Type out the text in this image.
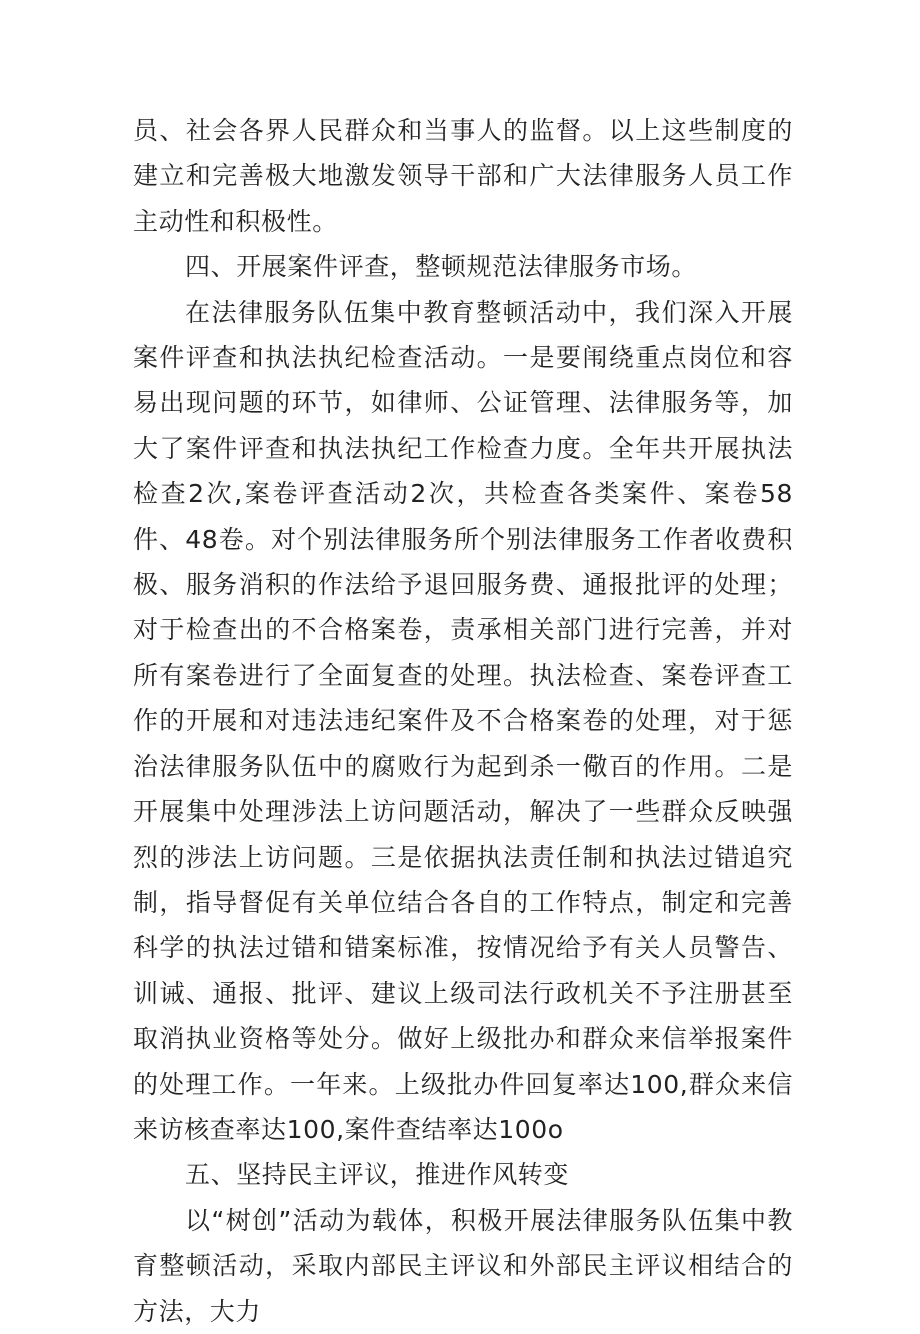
员、社会各界人民群众和当事人的监督。以上这些制度的建立和完善极大地激发领导干部和广大法律服务人员工作主动性和积极性。

四、开展案件评查，整顿规范法律服务市场。

在法律服务队伍集中教育整顿活动中，我们深入开展案件评查和执法执纪检查活动。一是要闱绕重点岗位和容易出现问题的环节，如律师、公证管理、法律服务等，加大了案件评查和执法执纪工作检查力度。全年共开展执法检查2次,案卷评查活动2次，共检查各类案件、案卷58件、48卷。对个别法律服务所个别法律服务工作者收费积极、服务消积的作法给予退回服务费、通报批评的处理；对于检查出的不合格案卷，责承相关部门进行完善，并对所有案卷进行了全面复查的处理。执法检查、案卷评查工作的开展和对违法违纪案件及不合格案卷的处理，对于惩治法律服务队伍中的腐败行为起到杀一儆百的作用。二是开展集中处理涉法上访问题活动，解决了一些群众反映强烈的涉法上访问题。三是依据执法责任制和执法过错追究制，指导督促有关单位结合各自的工作特点，制定和完善科学的执法过错和错案标准，按情况给予有关人员警告、训诫、通报、批评、建议上级司法行政机关不予注册甚至取消执业资格等处分。做好上级批办和群众来信举报案件的处理工作。一年来。上级批办件回复率达100,群众来信来访核查率达100,案件查结率达100o

五、坚持民主评议，推进作风转变

以“树创”活动为载体，积极开展法律服务队伍集中教育整顿活动，采取内部民主评议和外部民主评议相结合的方法，大力
